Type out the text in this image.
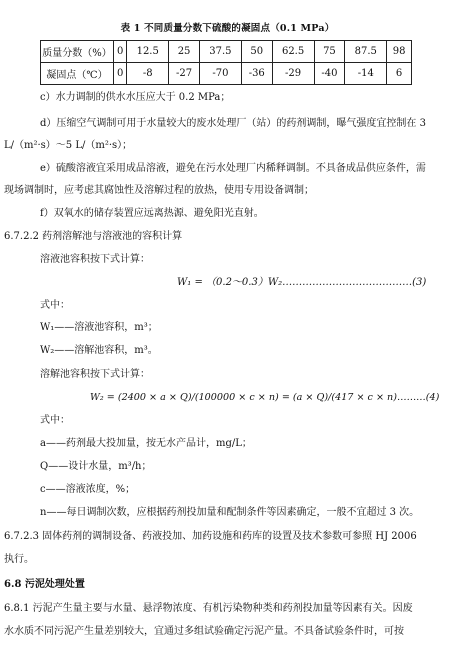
表 1 不同质量分数下硫酸的凝固点（0.1 MPa）
质量分数（%）	0	12.5	25	37.5	50	62.5	75	87.5	98
凝固点（℃）	0	-8	-27	-70	-36	-29	-40	-14	6
c）水力调制的供水水压应大于 0.2 MPa；
d）压缩空气调制可用于水量较大的废水处理厂（站）的药剂调制，曝气强度宜控制在 3
L/（m²·s）～5 L/（m²·s）；
e）硫酸溶液宜采用成品溶液，避免在污水处理厂内稀释调制。不具备成品供应条件，需
现场调制时，应考虑其腐蚀性及溶解过程的放热，使用专用设备调制；
f）双氧水的储存装置应远离热源、避免阳光直射。
6.7.2.2 药剂溶解池与溶液池的容积计算
溶液池容积按下式计算：
W₁ = （0.2～0.3）W₂…………………………………(3)
式中：
W₁——溶液池容积，m³；
W₂——溶解池容积，m³。
溶解池容积按下式计算：
W₂ = (2400 × a × Q)/(100000 × c × n) = (a × Q)/(417 × c × n)………(4)
式中：
a——药剂最大投加量，按无水产品计，mg/L；
Q——设计水量，m³/h；
c——溶液浓度，%；
n——每日调制次数，应根据药剂投加量和配制条件等因素确定，一般不宜超过 3 次。
6.7.2.3 固体药剂的调制设备、药液投加、加药设施和药库的设置及技术参数可参照 HJ 2006
执行。
6.8 污泥处理处置
6.8.1 污泥产生量主要与水量、悬浮物浓度、有机污染物种类和药剂投加量等因素有关。因废
水水质不同污泥产生量差别较大，宜通过多组试验确定污泥产量。不具备试验条件时，可按
